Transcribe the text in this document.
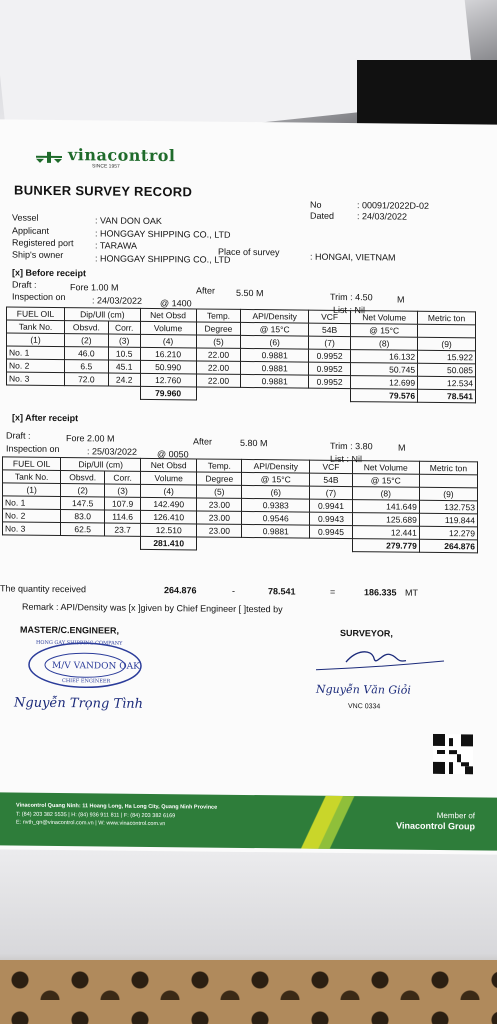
vinacontrol
SINCE 1957
BUNKER SURVEY RECORD
No	: 00091/2022D-02
Dated	: 24/03/2022
Vessel	: VAN DON OAK
Applicant	: HONGGAY SHIPPING CO., LTD
Registered port : TARAWA
Place of survey	: HONGAI, VIETNAM
Ship's owner	: HONGGAY SHIPPING CO., LTD
[x] Before receipt
Draft :	Fore 1.00 M	After 5.50 M	Trim : 4.50	M
Inspection on	: 24/03/2022 @ 1400
List : Nil
FUEL OIL	Dip/Ull (cm)		Net Obsd	Temp.	API/Density	VCF	Net Volume	Metric ton
Tank No.	Obsvd.	Corr.	Volume	Degree	@ 15°C	54B	@ 15°C	
(1)	(2)	(3)	(4)	(5)	(6)	(7)	(8)	(9)
No. 1	46.0	10.5	16.210	22.00	0.9881	0.9952	16.132	15.922
No. 2	6.5	45.1	50.990	22.00	0.9881	0.9952	50.745	50.085
No. 3	72.0	24.2	12.760	22.00	0.9881	0.9952	12.699	12.534
			79.960				79.576	78.541
[x] After receipt
Draft :	Fore 2.00 M	After	5.80 M	Trim : 3.80	M
Inspection on	: 25/03/2022 @ 0050	List : Nil
FUEL OIL	Dip/Ull (cm)		Net Obsd	Temp.	API/Density	VCF	Net Volume	Metric ton
Tank No.	Obsvd.	Corr.	Volume	Degree	@ 15°C	54B	@ 15°C	
(1)	(2)	(3)	(4)	(5)	(6)	(7)	(8)	(9)
No. 1	147.5	107.9	142.490	23.00	0.9383	0.9941	141.649	132.753
No. 2	83.0	114.6	126.410	23.00	0.9546	0.9943	125.689	119.844
No. 3	62.5	23.7	12.510	23.00	0.9881	0.9945	12.441	12.279
			281.410				279.779	264.876
The quantity received	264.876	-	78.541	=	186.335 MT
Remark : API/Density was [x ]given by Chief Engineer [ ]tested by
MASTER/C.ENGINEER,	SURVEYOR,
HONG GAY SHIPPING COMPANY
M/V VANDON OAK
CHIEF ENGINEER
Nguyễn Trọng Tình
Nguyễn Văn Giỏi
VNC 0334
Vinacontrol Quang Ninh: 11 Hoang Long, Ha Long City, Quang Ninh Province
T: (84) 203 382 5535 | H: (84) 936 911 811 | F: (84) 203 382 6169
E: nvth_qn@vinacontrol.com.vn | W: www.vinacontrol.com.vn
Member of
Vinacontrol Group
